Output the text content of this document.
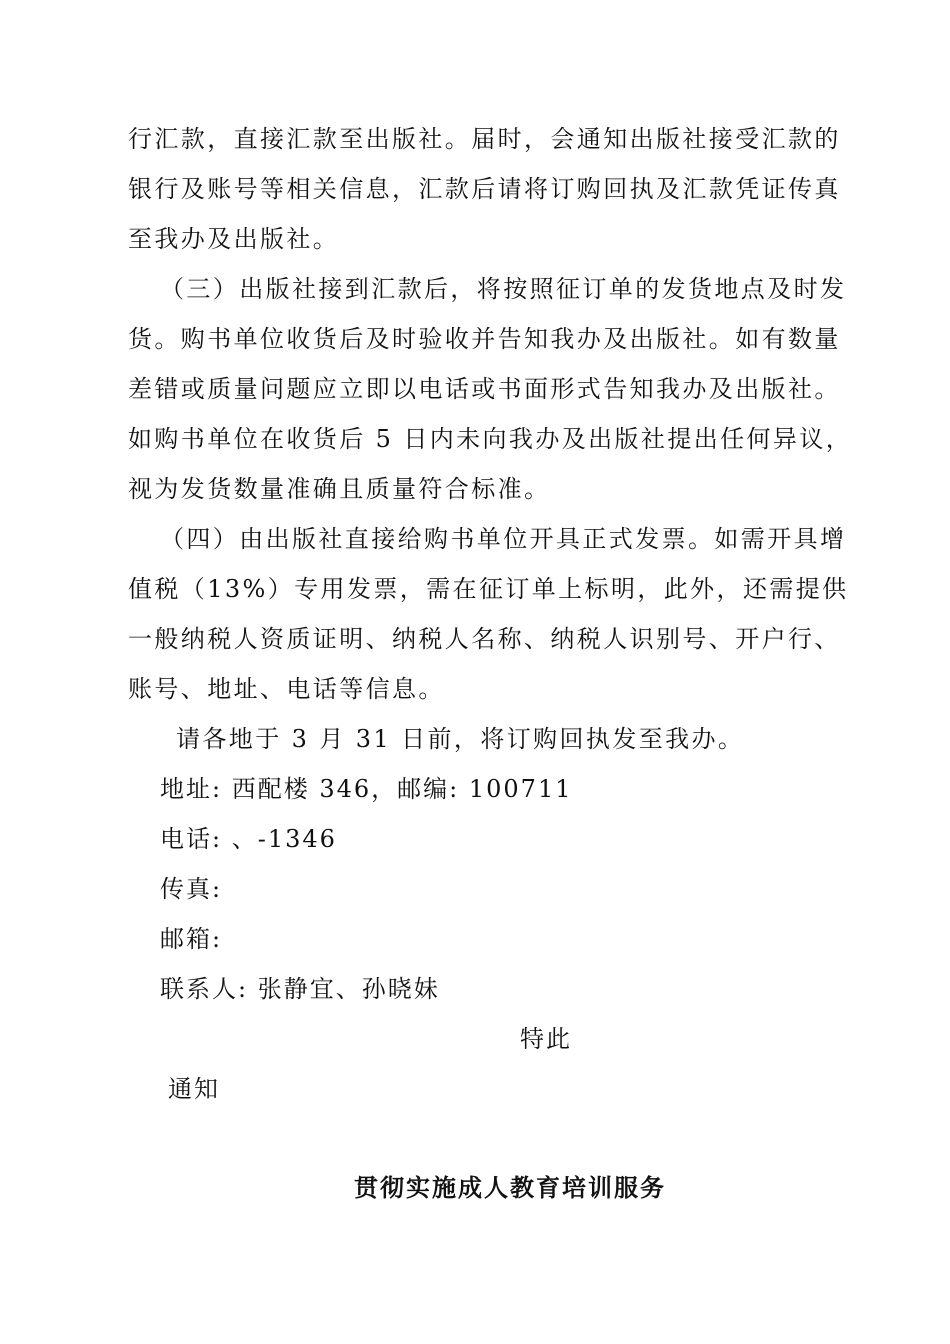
行汇款，直接汇款至出版社。届时，会通知出版社接受汇款的
银行及账号等相关信息，汇款后请将订购回执及汇款凭证传真
至我办及出版社。
（三）出版社接到汇款后，将按照征订单的发货地点及时发
货。购书单位收货后及时验收并告知我办及出版社。如有数量
差错或质量问题应立即以电话或书面形式告知我办及出版社。
如购书单位在收货后 5 日内未向我办及出版社提出任何异议，
视为发货数量准确且质量符合标准。
（四）由出版社直接给购书单位开具正式发票。如需开具增
值税（13%）专用发票，需在征订单上标明，此外，还需提供
一般纳税人资质证明、纳税人名称、纳税人识别号、开户行、
账号、地址、电话等信息。
请各地于 3 月 31 日前，将订购回执发至我办。
地址: 西配楼 346，邮编: 100711
电话: 、-1346
传真:
邮箱:
联系人: 张静宜、孙晓妹
特此
通知
贯彻实施成人教育培训服务
